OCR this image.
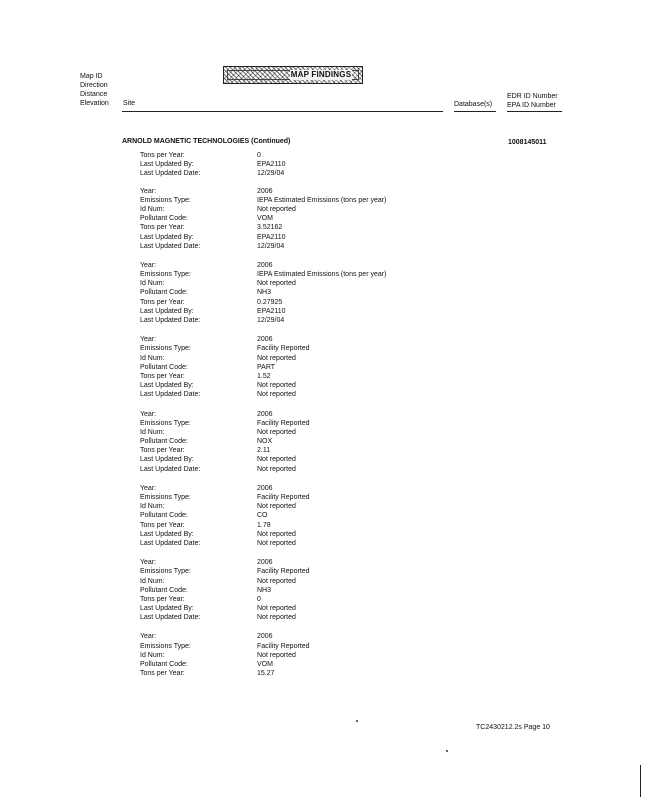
Map ID
Direction
Distance
Elevation
MAP FINDINGS
Site	Database(s)
EDR ID Number
EPA ID Number
ARNOLD MAGNETIC TECHNOLOGIES (Continued)	1008145011
Tons per Year:	0
Last Updated By:	EPA2110
Last Updated Date:	12/29/04
Year:	2006
Emissions Type:	IEPA Estimated Emissions (tons per year)
Id Num:	Not reported
Pollutant Code:	VOM
Tons per Year:	3.52162
Last Updated By:	EPA2110
Last Updated Date:	12/29/04
Year:	2006
Emissions Type:	IEPA Estimated Emissions (tons per year)
Id Num:	Not reported
Pollutant Code:	NH3
Tons per Year:	0.27925
Last Updated By:	EPA2110
Last Updated Date:	12/29/04
Year:	2006
Emissions Type:	Facility Reported
Id Num:	Not reported
Pollutant Code:	PART
Tons per Year:	1.52
Last Updated By:	Not reported
Last Updated Date:	Not reported
Year:	2006
Emissions Type:	Facility Reported
Id Num:	Not reported
Pollutant Code:	NOX
Tons per Year:	2.11
Last Updated By:	Not reported
Last Updated Date:	Not reported
Year:	2006
Emissions Type:	Facility Reported
Id Num:	Not reported
Pollutant Code:	CO
Tons per Year:	1.78
Last Updated By:	Not reported
Last Updated Date:	Not reported
Year:	2006
Emissions Type:	Facility Reported
Id Num:	Not reported
Pollutant Code:	NH3
Tons per Year:	0
Last Updated By:	Not reported
Last Updated Date:	Not reported
Year:	2006
Emissions Type:	Facility Reported
Id Num:	Not reported
Pollutant Code:	VOM
Tons per Year:	15.27
TC2430212.2s Page 10
